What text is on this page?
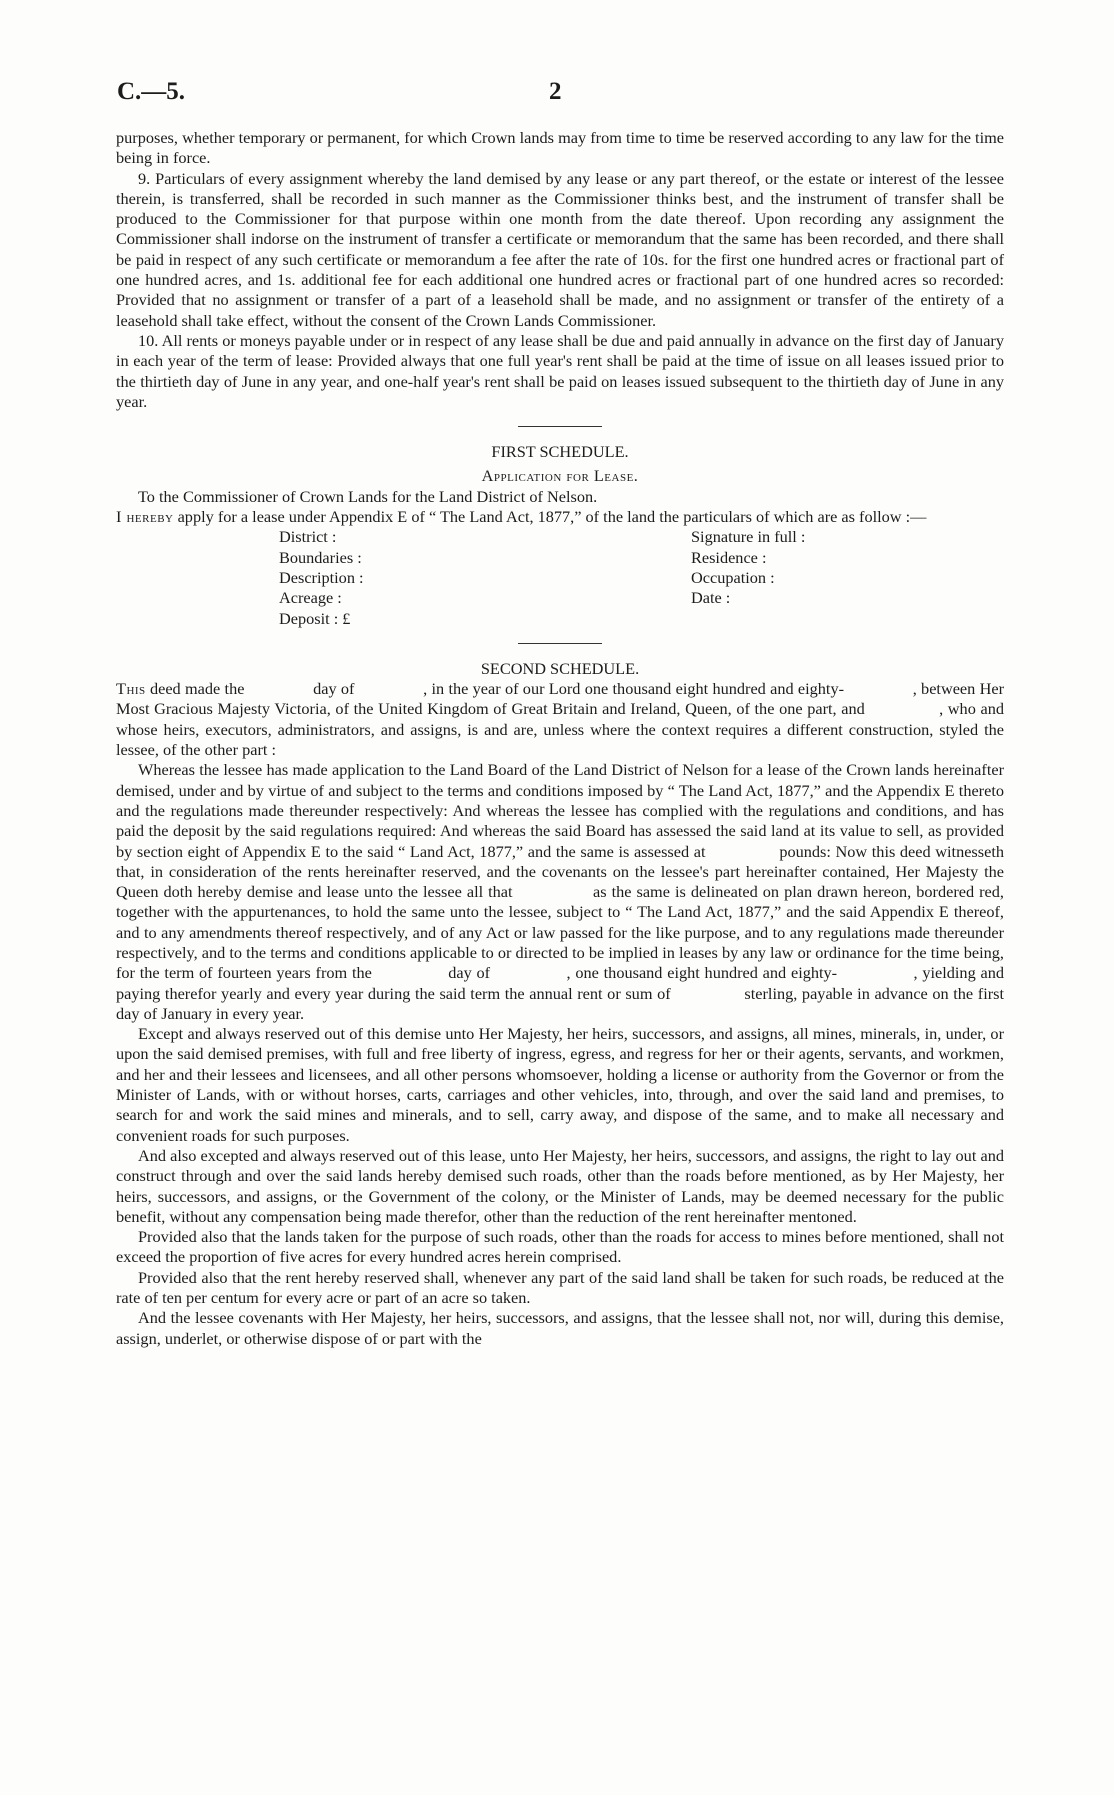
C.—5.	2

purposes, whether temporary or permanent, for which Crown lands may from time to time be reserved according to any law for the time being in force.

9. Particulars of every assignment whereby the land demised by any lease or any part thereof, or the estate or interest of the lessee therein, is transferred, shall be recorded in such manner as the Commissioner thinks best, and the instrument of transfer shall be produced to the Commissioner for that purpose within one month from the date thereof. Upon recording any assignment the Commissioner shall indorse on the instrument of transfer a certificate or memorandum that the same has been recorded, and there shall be paid in respect of any such certificate or memorandum a fee after the rate of 10s. for the first one hundred acres or fractional part of one hundred acres, and 1s. additional fee for each additional one hundred acres or fractional part of one hundred acres so recorded: Provided that no assignment or transfer of a part of a leasehold shall be made, and no assignment or transfer of the entirety of a leasehold shall take effect, without the consent of the Crown Lands Commissioner.

10. All rents or moneys payable under or in respect of any lease shall be due and paid annually in advance on the first day of January in each year of the term of lease: Provided always that one full year's rent shall be paid at the time of issue on all leases issued prior to the thirtieth day of June in any year, and one-half year's rent shall be paid on leases issued subsequent to the thirtieth day of June in any year.

FIRST SCHEDULE.

Application for Lease.

To the Commissioner of Crown Lands for the Land District of Nelson.

I hereby apply for a lease under Appendix E of “ The Land Act, 1877,” of the land the particulars of which are as follow :—

District :
Boundaries :
Description :
Acreage :
Deposit : £
Signature in full :
Residence :
Occupation :
Date :

SECOND SCHEDULE.

This deed made the                day of                , in the year of our Lord one thousand eight hundred and eighty-                , between Her Most Gracious Majesty Victoria, of the United Kingdom of Great Britain and Ireland, Queen, of the one part, and                , who and whose heirs, executors, administrators, and assigns, is and are, unless where the context requires a different construction, styled the lessee, of the other part :

Whereas the lessee has made application to the Land Board of the Land District of Nelson for a lease of the Crown lands hereinafter demised, under and by virtue of and subject to the terms and conditions imposed by “ The Land Act, 1877,” and the Appendix E thereto and the regulations made thereunder respectively: And whereas the lessee has complied with the regulations and conditions, and has paid the deposit by the said regulations required: And whereas the said Board has assessed the said land at its value to sell, as provided by section eight of Appendix E to the said “ Land Act, 1877,” and the same is assessed at                pounds: Now this deed witnesseth that, in consideration of the rents hereinafter reserved, and the covenants on the lessee's part hereinafter contained, Her Majesty the Queen doth hereby demise and lease unto the lessee all that                as the same is delineated on plan drawn hereon, bordered red, together with the appurtenances, to hold the same unto the lessee, subject to “ The Land Act, 1877,” and the said Appendix E thereof, and to any amendments thereof respectively, and of any Act or law passed for the like purpose, and to any regulations made thereunder respectively, and to the terms and conditions applicable to or directed to be implied in leases by any law or ordinance for the time being, for the term of fourteen years from the                day of                , one thousand eight hundred and eighty-                , yielding and paying therefor yearly and every year during the said term the annual rent or sum of                sterling, payable in advance on the first day of January in every year.

Except and always reserved out of this demise unto Her Majesty, her heirs, successors, and assigns, all mines, minerals, in, under, or upon the said demised premises, with full and free liberty of ingress, egress, and regress for her or their agents, servants, and workmen, and her and their lessees and licensees, and all other persons whomsoever, holding a license or authority from the Governor or from the Minister of Lands, with or without horses, carts, carriages and other vehicles, into, through, and over the said land and premises, to search for and work the said mines and minerals, and to sell, carry away, and dispose of the same, and to make all necessary and convenient roads for such purposes.

And also excepted and always reserved out of this lease, unto Her Majesty, her heirs, successors, and assigns, the right to lay out and construct through and over the said lands hereby demised such roads, other than the roads before mentioned, as by Her Majesty, her heirs, successors, and assigns, or the Government of the colony, or the Minister of Lands, may be deemed necessary for the public benefit, without any compensation being made therefor, other than the reduction of the rent hereinafter mentoned.

Provided also that the lands taken for the purpose of such roads, other than the roads for access to mines before mentioned, shall not exceed the proportion of five acres for every hundred acres herein comprised.

Provided also that the rent hereby reserved shall, whenever any part of the said land shall be taken for such roads, be reduced at the rate of ten per centum for every acre or part of an acre so taken.

And the lessee covenants with Her Majesty, her heirs, successors, and assigns, that the lessee shall not, nor will, during this demise, assign, underlet, or otherwise dispose of or part with the
